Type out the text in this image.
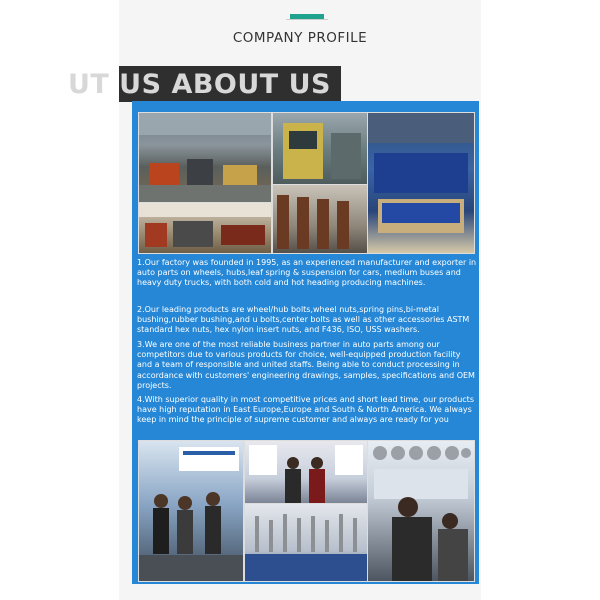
COMPANY PROFILE
UT US ABOUT US
1.Our factory was founded in 1995, as an experienced manufacturer and exporter in auto parts on wheels, hubs,leaf spring & suspension for cars, medium buses and heavy duty trucks, with both cold and hot heading producing machines.
2.Our leading products are wheel/hub bolts,wheel nuts,spring pins,bi-metal bushing,rubber bushing,and u bolts,center bolts as well as other accessories ASTM standard hex nuts, hex nylon insert nuts, and F436, ISO, USS washers.
3.We are one of the most reliable business partner in auto parts among our competitors due to various products for choice, well-equipped production facility and a team of responsible and united staffs. Being able to conduct processing in accordance with customers' engineering drawings, samples, specifications and OEM projects.
4.With superior quality in most competitive prices and short lead time, our products have high reputation in East Europe,Europe and South & North America. We always keep in mind the principle of supreme customer and always are ready for you
